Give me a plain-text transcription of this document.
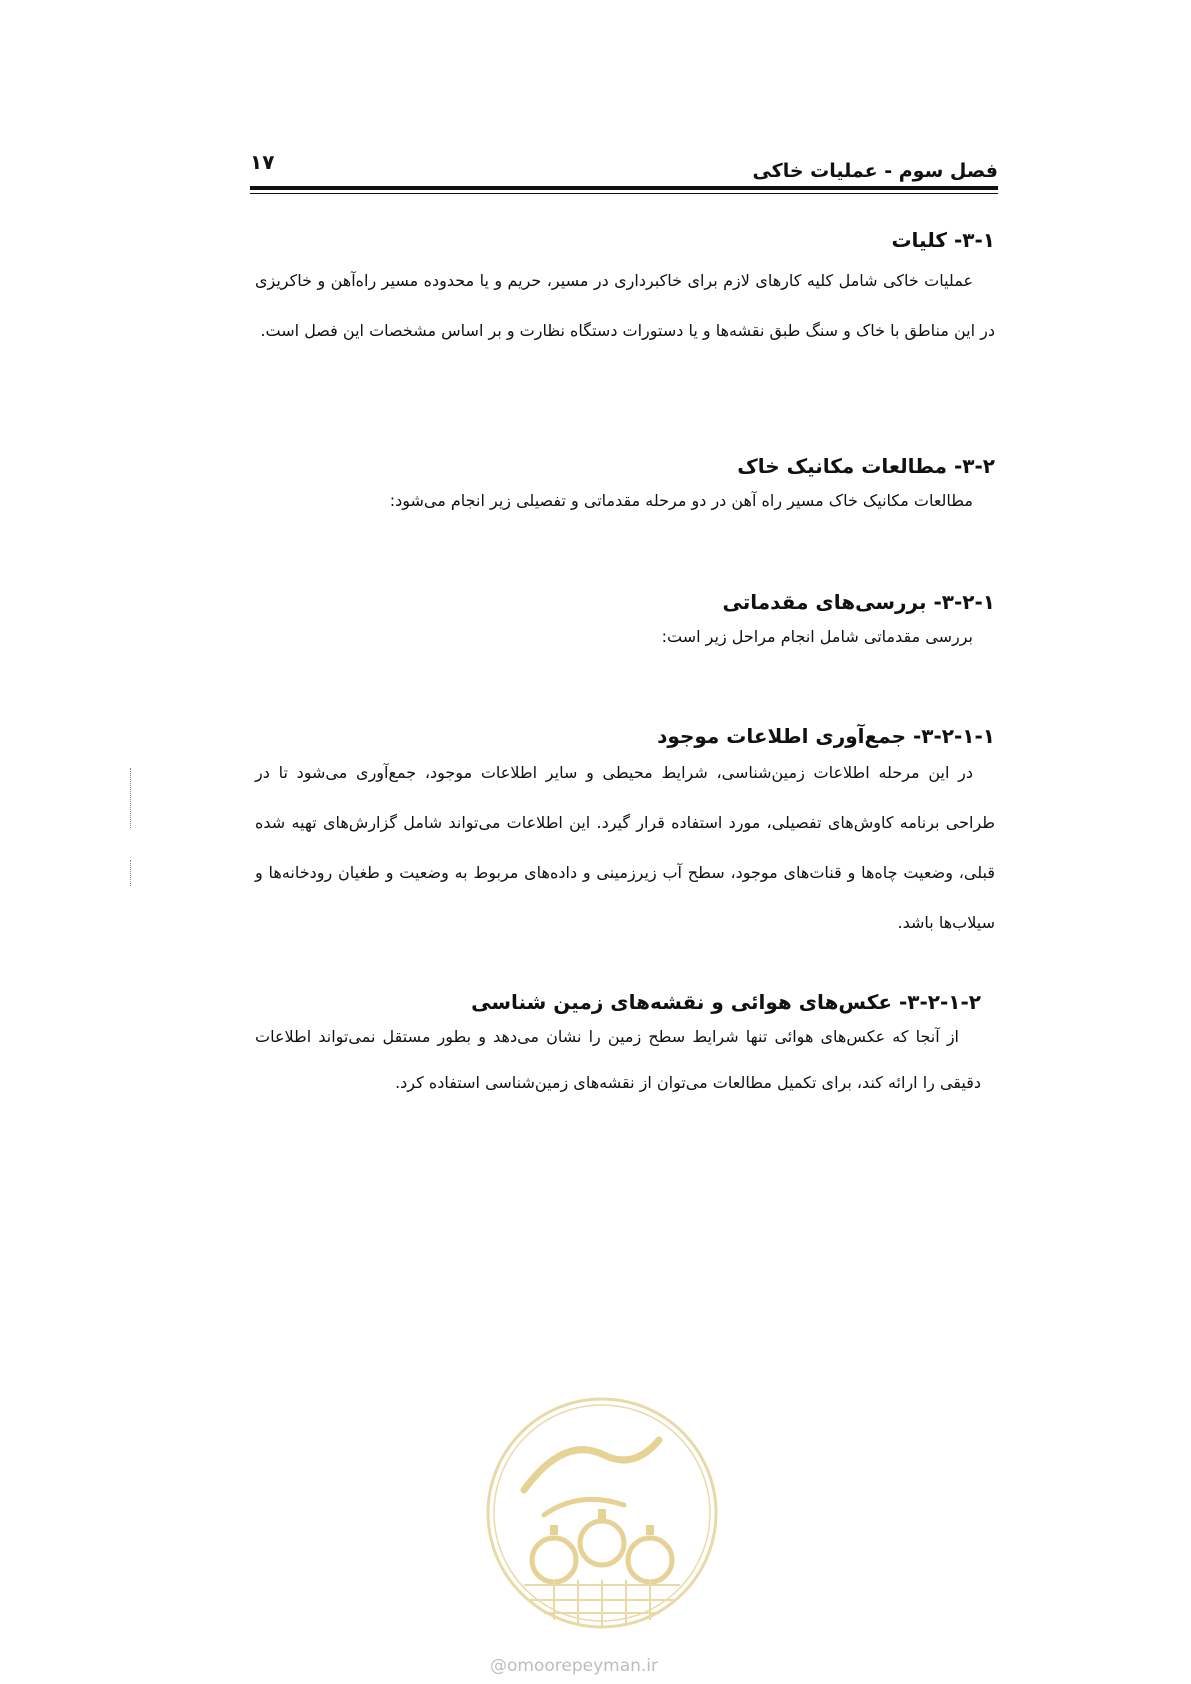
فصل سوم - عملیات خاکی
۱۷
۳-۱- کلیات

عملیات خاکی شامل کلیه کارهای لازم برای خاکبرداری در مسیر، حریم و یا محدوده مسیر راه‌آهن و خاکریزی در این مناطق با خاک و سنگ طبق نقشه‌ها و یا دستورات دستگاه نظارت و بر اساس مشخصات این فصل است.

۳-۲- مطالعات مکانیک خاک

مطالعات مکانیک خاک مسیر راه آهن در دو مرحله مقدماتی و تفصیلی زیر انجام می‌شود:

۳-۲-۱- بررسی‌های مقدماتی

بررسی مقدماتی شامل انجام مراحل زیر است:

۳-۲-۱-۱- جمع‌آوری اطلاعات موجود

در این مرحله اطلاعات زمین‌شناسی، شرایط محیطی و سایر اطلاعات موجود، جمع‌آوری می‌شود تا در طراحی برنامه کاوش‌های تفصیلی، مورد استفاده قرار گیرد. این اطلاعات می‌تواند شامل گزارش‌های تهیه شده قبلی، وضعیت چاه‌ها و قنات‌های موجود، سطح آب زیرزمینی و داده‌های مربوط به وضعیت و طغیان رودخانه‌ها و سیلاب‌ها باشد.

۳-۲-۱-۲- عکس‌های هوائی و نقشه‌های زمین شناسی

از آنجا که عکس‌های هوائی تنها شرایط سطح زمین را نشان می‌دهد و بطور مستقل نمی‌تواند اطلاعات دقیقی را ارائه کند، برای تکمیل مطالعات می‌توان از نقشه‌های زمین‌شناسی استفاده کرد.

@omoorepeyman.ir
